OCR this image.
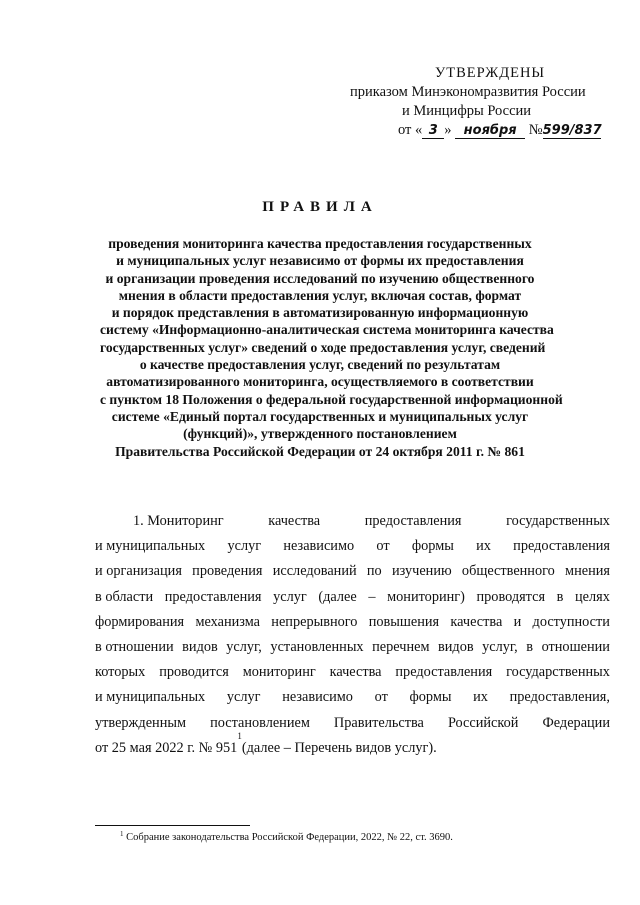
УТВЕРЖДЕНЫ
приказом Минэкономразвития России
и Минцифры России
от « 3 » ноября №599/837
ПРАВИЛА
проведения мониторинга качества предоставления государственных
и муниципальных услуг независимо от формы их предоставления
и организации проведения исследований по изучению общественного
мнения в области предоставления услуг, включая состав, формат
и порядок представления в автоматизированную информационную
систему «Информационно-аналитическая система мониторинга качества
государственных услуг» сведений о ходе предоставления услуг, сведений
о качестве предоставления услуг, сведений по результатам
автоматизированного мониторинга, осуществляемого в соответствии
с пунктом 18 Положения о федеральной государственной информационной
системе «Единый портал государственных и муниципальных услуг
(функций)», утвержденного постановлением
Правительства Российской Федерации от 24 октября 2011 г. № 861
1. Мониторинг	качества	предоставления	государственных
и муниципальных услуг независимо от формы их предоставления
и организация проведения исследований по изучению общественного мнения
в области предоставления услуг (далее – мониторинг) проводятся в целях
формирования механизма непрерывного повышения качества и доступности
в отношении видов услуг, установленных перечнем видов услуг, в отношении
которых проводится мониторинг качества предоставления государственных
и муниципальных услуг независимо от формы их предоставления,
утвержденным постановлением Правительства Российской Федерации
от 25 мая 2022 г. № 951
1
(далее – Перечень видов услуг).
$^1$ Собрание законодательства Российской Федерации, 2022, № 22, ст. 3690.
